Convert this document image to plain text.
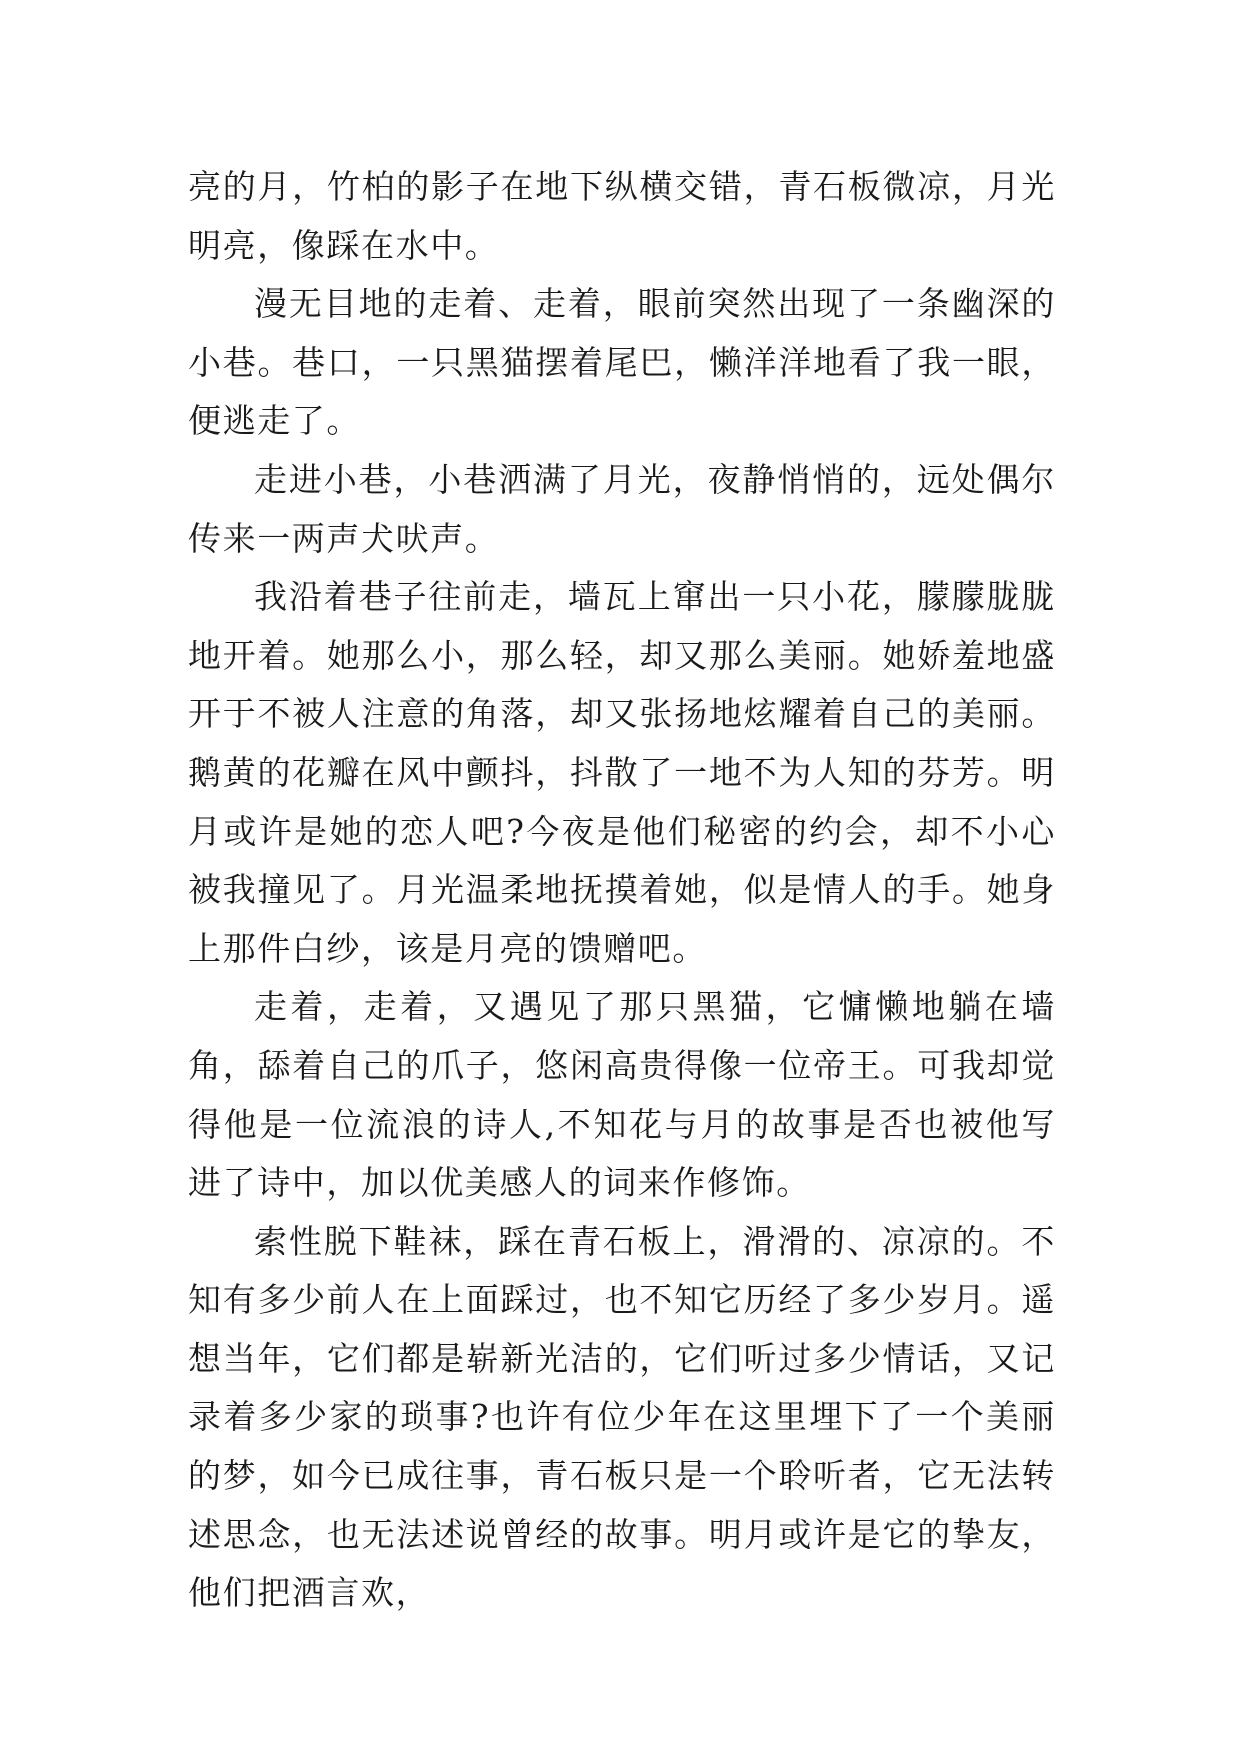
亮的月，竹柏的影子在地下纵横交错，青石板微凉，月光明亮，像踩在水中。

漫无目地的走着、走着，眼前突然出现了一条幽深的小巷。巷口，一只黑猫摆着尾巴，懒洋洋地看了我一眼，便逃走了。

走进小巷，小巷洒满了月光，夜静悄悄的，远处偶尔传来一两声犬吠声。

我沿着巷子往前走，墙瓦上窜出一只小花，朦朦胧胧地开着。她那么小，那么轻，却又那么美丽。她娇羞地盛开于不被人注意的角落，却又张扬地炫耀着自己的美丽。鹅黄的花瓣在风中颤抖，抖散了一地不为人知的芬芳。明月或许是她的恋人吧?今夜是他们秘密的约会，却不小心被我撞见了。月光温柔地抚摸着她，似是情人的手。她身上那件白纱，该是月亮的馈赠吧。

走着，走着，又遇见了那只黑猫，它慵懒地躺在墙角，舔着自己的爪子，悠闲高贵得像一位帝王。可我却觉得他是一位流浪的诗人,不知花与月的故事是否也被他写进了诗中，加以优美感人的词来作修饰。

索性脱下鞋袜，踩在青石板上，滑滑的、凉凉的。不知有多少前人在上面踩过，也不知它历经了多少岁月。遥想当年，它们都是崭新光洁的，它们听过多少情话，又记录着多少家的琐事?也许有位少年在这里埋下了一个美丽的梦，如今已成往事，青石板只是一个聆听者，它无法转述思念，也无法述说曾经的故事。明月或许是它的挚友，他们把酒言欢，
